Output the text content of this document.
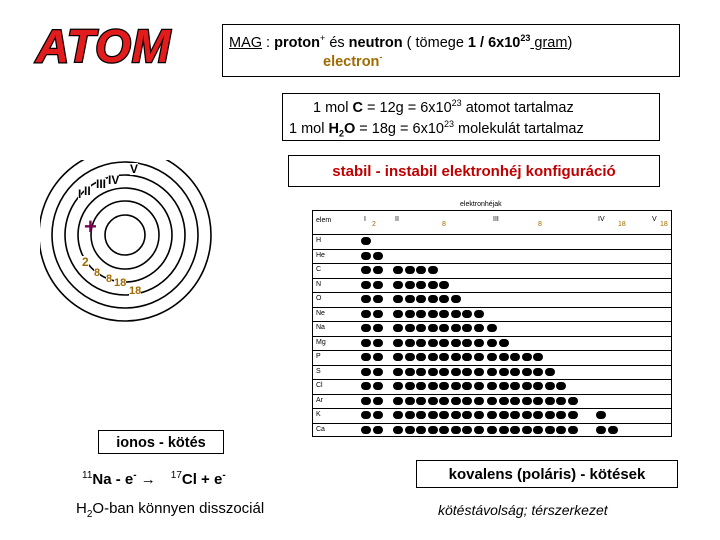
ATOM	MAG : proton+ és neutron ( tömege $1 / 6x10^{23}$ gram)
electron-
1 mol $C = 12g = 6x10^{23}$ atomot tartalmaz
1 mol $H_2O = 18g = 6x10^{23}$ molekulát tartalmaz
stabil - instabil elektronhéj konfiguráció
I II III IV
V
+
2
8 8 18
18
elektronhéjak
elem	I
2
II
8
III
8
IV
18
V
18
H
He
C
N
O
Ne
Na
Mg
P
S
Cl
Ar
K
Ca
ionos - kötés
$^{11}$Na - e- → $^{17}$Cl + e-
$H_2O$-ban könnyen disszociál
kovalens (poláris) - kötések
kötéstávolság; térszerkezet
